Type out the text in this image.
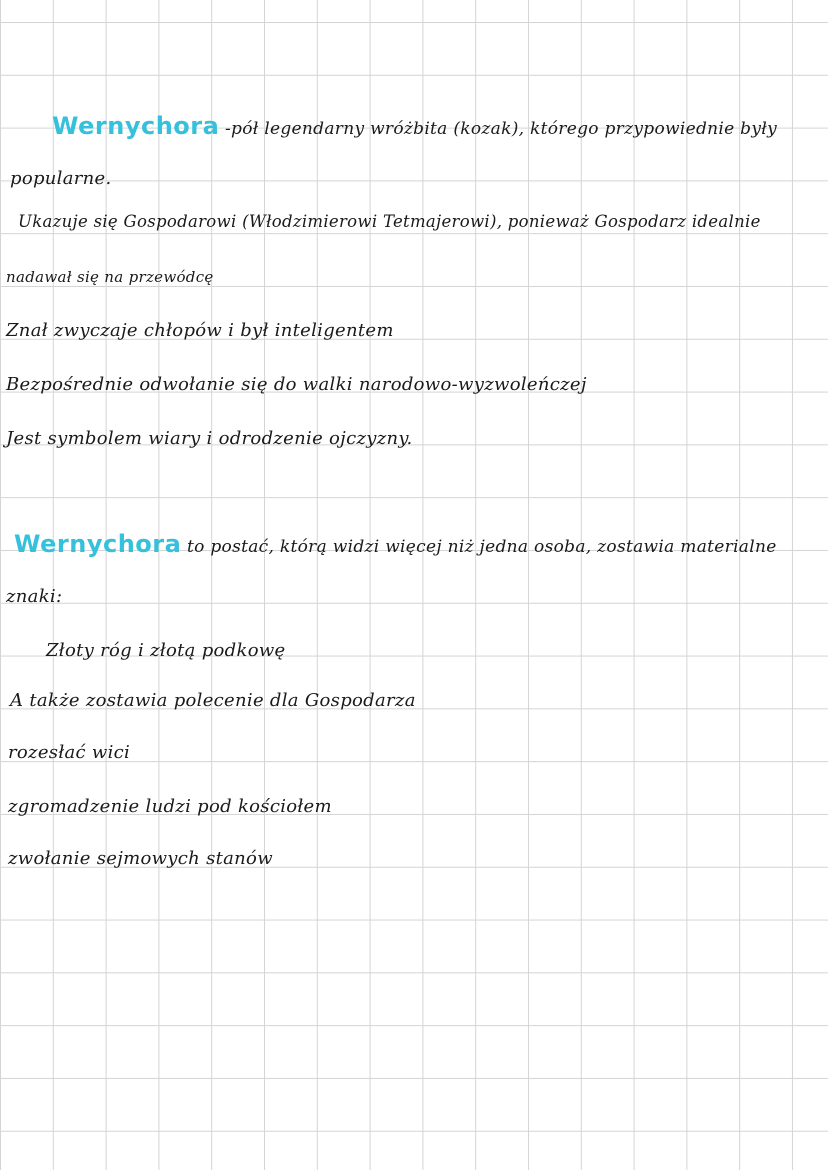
Wernychora -pół legendarny wróżbita (kozak), którego przypowiednie były
popularne.
Ukazuje się Gospodarowi (Włodzimierowi Tetmajerowi), ponieważ Gospodarz idealnie
nadawał się na przewódcę
Znał zwyczaje chłopów i był inteligentem
Bezpośrednie odwołanie się do walki narodowo-wyzwoleńczej
Jest symbolem wiary i odrodzenie ojczyzny.
Wernychora to postać, którą widzi więcej niż jedna osoba, zostawia materialne
znaki:
Złoty róg i złotą podkowę
A także zostawia polecenie dla Gospodarza
rozesłać wici
zgromadzenie ludzi pod kościołem
zwołanie sejmowych stanów
